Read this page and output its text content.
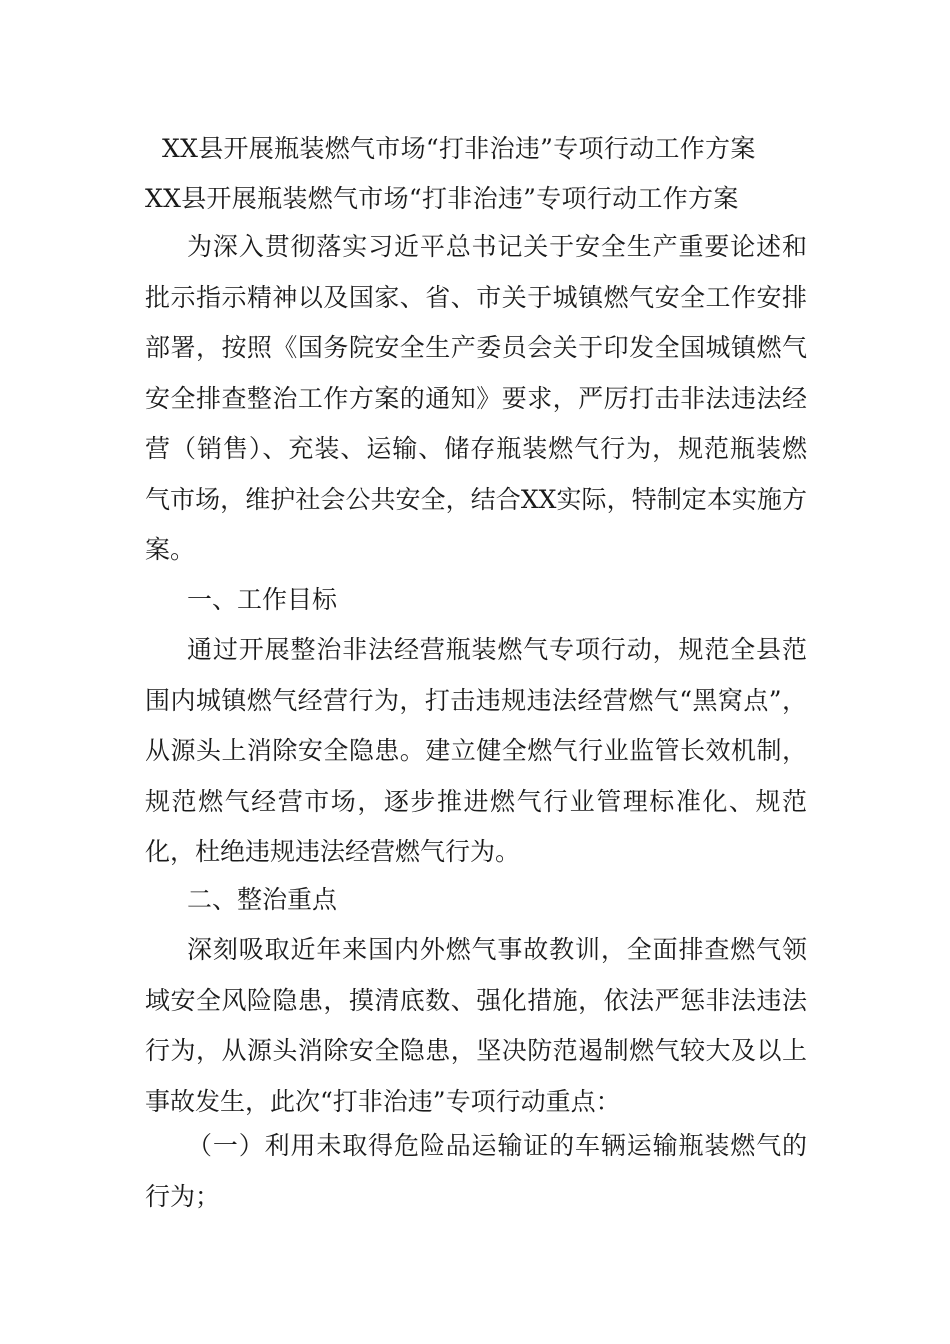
XX县开展瓶装燃气市场“打非治违”专项行动工作方案
XX县开展瓶装燃气市场“打非治违”专项行动工作方案

为深入贯彻落实习近平总书记关于安全生产重要论述和批示指示精神以及国家、省、市关于城镇燃气安全工作安排部署，按照《国务院安全生产委员会关于印发全国城镇燃气安全排查整治工作方案的通知》要求，严厉打击非法违法经营（销售）、充装、运输、储存瓶装燃气行为，规范瓶装燃气市场，维护社会公共安全，结合XX实际，特制定本实施方案。

一、工作目标

通过开展整治非法经营瓶装燃气专项行动，规范全县范围内城镇燃气经营行为，打击违规违法经营燃气“黑窝点”，从源头上消除安全隐患。建立健全燃气行业监管长效机制，规范燃气经营市场，逐步推进燃气行业管理标准化、规范化，杜绝违规违法经营燃气行为。

二、整治重点

深刻吸取近年来国内外燃气事故教训，全面排查燃气领域安全风险隐患，摸清底数、强化措施，依法严惩非法违法行为，从源头消除安全隐患，坚决防范遏制燃气较大及以上事故发生，此次“打非治违”专项行动重点：

（一）利用未取得危险品运输证的车辆运输瓶装燃气的行为；
